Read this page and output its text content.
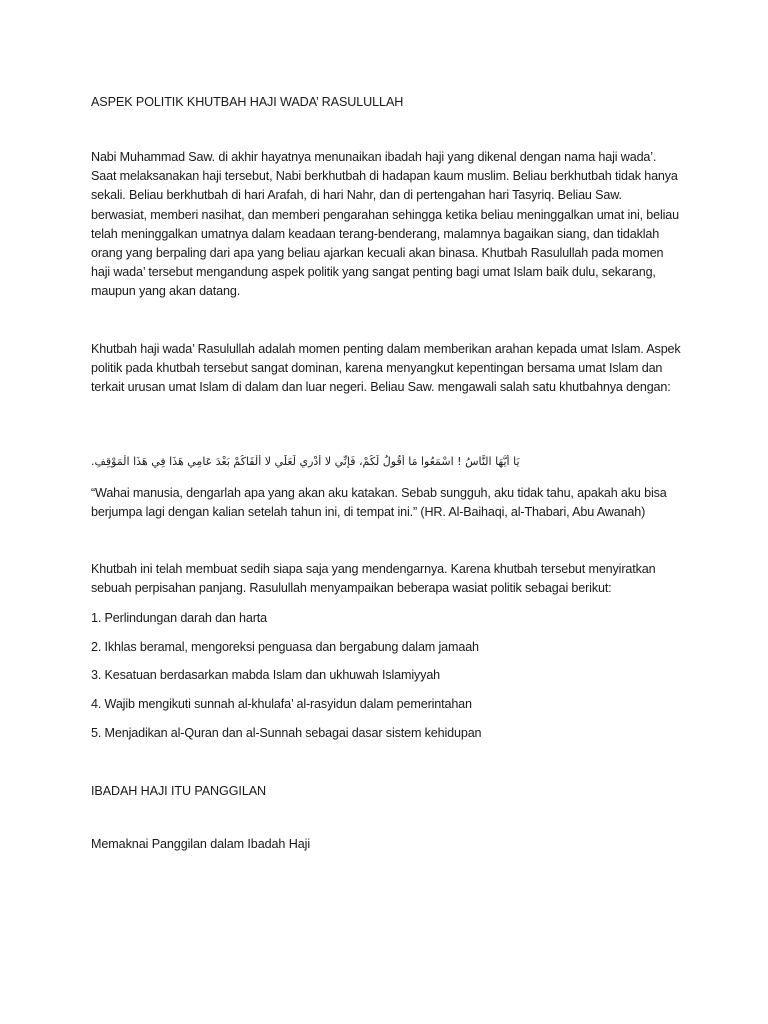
ASPEK POLITIK KHUTBAH HAJI WADA’ RASULULLAH
Nabi Muhammad Saw. di akhir hayatnya menunaikan ibadah haji yang dikenal dengan nama haji wada’. Saat melaksanakan haji tersebut, Nabi berkhutbah di hadapan kaum muslim. Beliau berkhutbah tidak hanya sekali. Beliau berkhutbah di hari Arafah, di hari Nahr, dan di pertengahan hari Tasyriq. Beliau Saw. berwasiat, memberi nasihat, dan memberi pengarahan sehingga ketika beliau meninggalkan umat ini, beliau telah meninggalkan umatnya dalam keadaan terang-benderang, malamnya bagaikan siang, dan tidaklah orang yang berpaling dari apa yang beliau ajarkan kecuali akan binasa. Khutbah Rasulullah pada momen haji wada’ tersebut mengandung aspek politik yang sangat penting bagi umat Islam baik dulu, sekarang, maupun yang akan datang.
Khutbah haji wada’ Rasulullah adalah momen penting dalam memberikan arahan kepada umat Islam. Aspek politik pada khutbah tersebut sangat dominan, karena menyangkut kepentingan bersama umat Islam dan terkait urusan umat Islam di dalam dan luar negeri. Beliau Saw. mengawali salah satu khutbahnya dengan:
يَا أَيُّهَا النَّاسُ ! اسْمَعُوا مَا أَقُولُ لَكُمْ، فَإِنِّي لا أَدْرِي لَعَلِّي لا أَلْقَاكُمْ بَعْدَ عَامِي هَذَا فِي هَذَا الْمَوْقِفِ.
“Wahai manusia, dengarlah apa yang akan aku katakan. Sebab sungguh, aku tidak tahu, apakah aku bisa berjumpa lagi dengan kalian setelah tahun ini, di tempat ini.” (HR. Al-Baihaqi, al-Thabari, Abu Awanah)
Khutbah ini telah membuat sedih siapa saja yang mendengarnya. Karena khutbah tersebut menyiratkan sebuah perpisahan panjang. Rasulullah menyampaikan beberapa wasiat politik sebagai berikut:
1. Perlindungan darah dan harta
2. Ikhlas beramal, mengoreksi penguasa dan bergabung dalam jamaah
3. Kesatuan berdasarkan mabda Islam dan ukhuwah Islamiyyah
4. Wajib mengikuti sunnah al-khulafa’ al-rasyidun dalam pemerintahan
5. Menjadikan al-Quran dan al-Sunnah sebagai dasar sistem kehidupan
IBADAH HAJI ITU PANGGILAN
Memaknai Panggilan dalam Ibadah Haji
